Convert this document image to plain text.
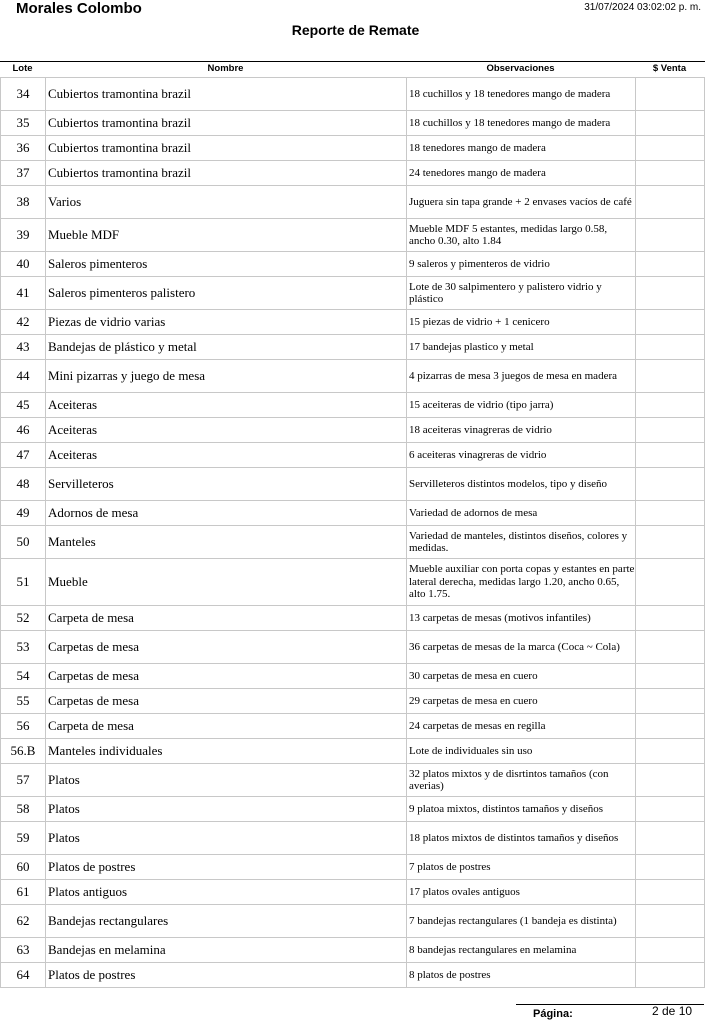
Morales Colombo	31/07/2024 03:02:02 p. m.
Reporte de Remate
Lote	Nombre	Observaciones	$ Venta
34	Cubiertos tramontina brazil	18 cuchillos y 18 tenedores mango de madera	
35	Cubiertos tramontina brazil	18 cuchillos y 18 tenedores mango de madera	
36	Cubiertos tramontina brazil	18 tenedores mango de madera	
37	Cubiertos tramontina brazil	24 tenedores mango de madera	
38	Varios	Juguera sin tapa grande + 2 envases vacíos de café	
39	Mueble MDF	Mueble MDF 5 estantes, medidas largo 0.58, ancho 0.30, alto 1.84	
40	Saleros pimenteros	9 saleros y pimenteros de vidrio	
41	Saleros pimenteros palistero	Lote de 30 salpimentero y palistero vidrio y plástico	
42	Piezas de vidrio varias	15 piezas de vidrio + 1 cenicero	
43	Bandejas de plástico y metal	17 bandejas plastico y metal	
44	Mini pizarras y juego de mesa	4 pizarras de mesa 3 juegos de mesa en madera	
45	Aceiteras	15 aceiteras de vidrio (tipo jarra)	
46	Aceiteras	18 aceiteras vinagreras de vidrio	
47	Aceiteras	6 aceiteras vinagreras de vidrio	
48	Servilleteros	Servilleteros distintos modelos, tipo y diseño	
49	Adornos de mesa	Variedad de adornos de mesa	
50	Manteles	Variedad de manteles, distintos diseños, colores y medidas.	
51	Mueble	Mueble auxiliar con porta copas y estantes en parte lateral derecha, medidas largo 1.20, ancho 0.65, alto 1.75.	
52	Carpeta de mesa	13 carpetas de mesas (motivos infantiles)	
53	Carpetas de mesa	36 carpetas de mesas de la marca (Coca ~ Cola)	
54	Carpetas de mesa	30 carpetas de mesa en cuero	
55	Carpetas de mesa	29 carpetas de mesa en cuero	
56	Carpeta de mesa	24 carpetas de mesas en regilla	
56.B	Manteles individuales	Lote de individuales sin uso	
57	Platos	32 platos mixtos y de disrtintos tamaños (con averias)	
58	Platos	9 platoa mixtos, distintos tamaños y diseños	
59	Platos	18 platos mixtos de distintos tamaños y diseños	
60	Platos de postres	7 platos de postres	
61	Platos antiguos	17 platos ovales antiguos	
62	Bandejas rectangulares	7 bandejas rectangulares (1 bandeja es distinta)	
63	Bandejas en melamina	8 bandejas rectangulares en melamina	
64	Platos de postres	8 platos de postres	
Página:	2 de 10
